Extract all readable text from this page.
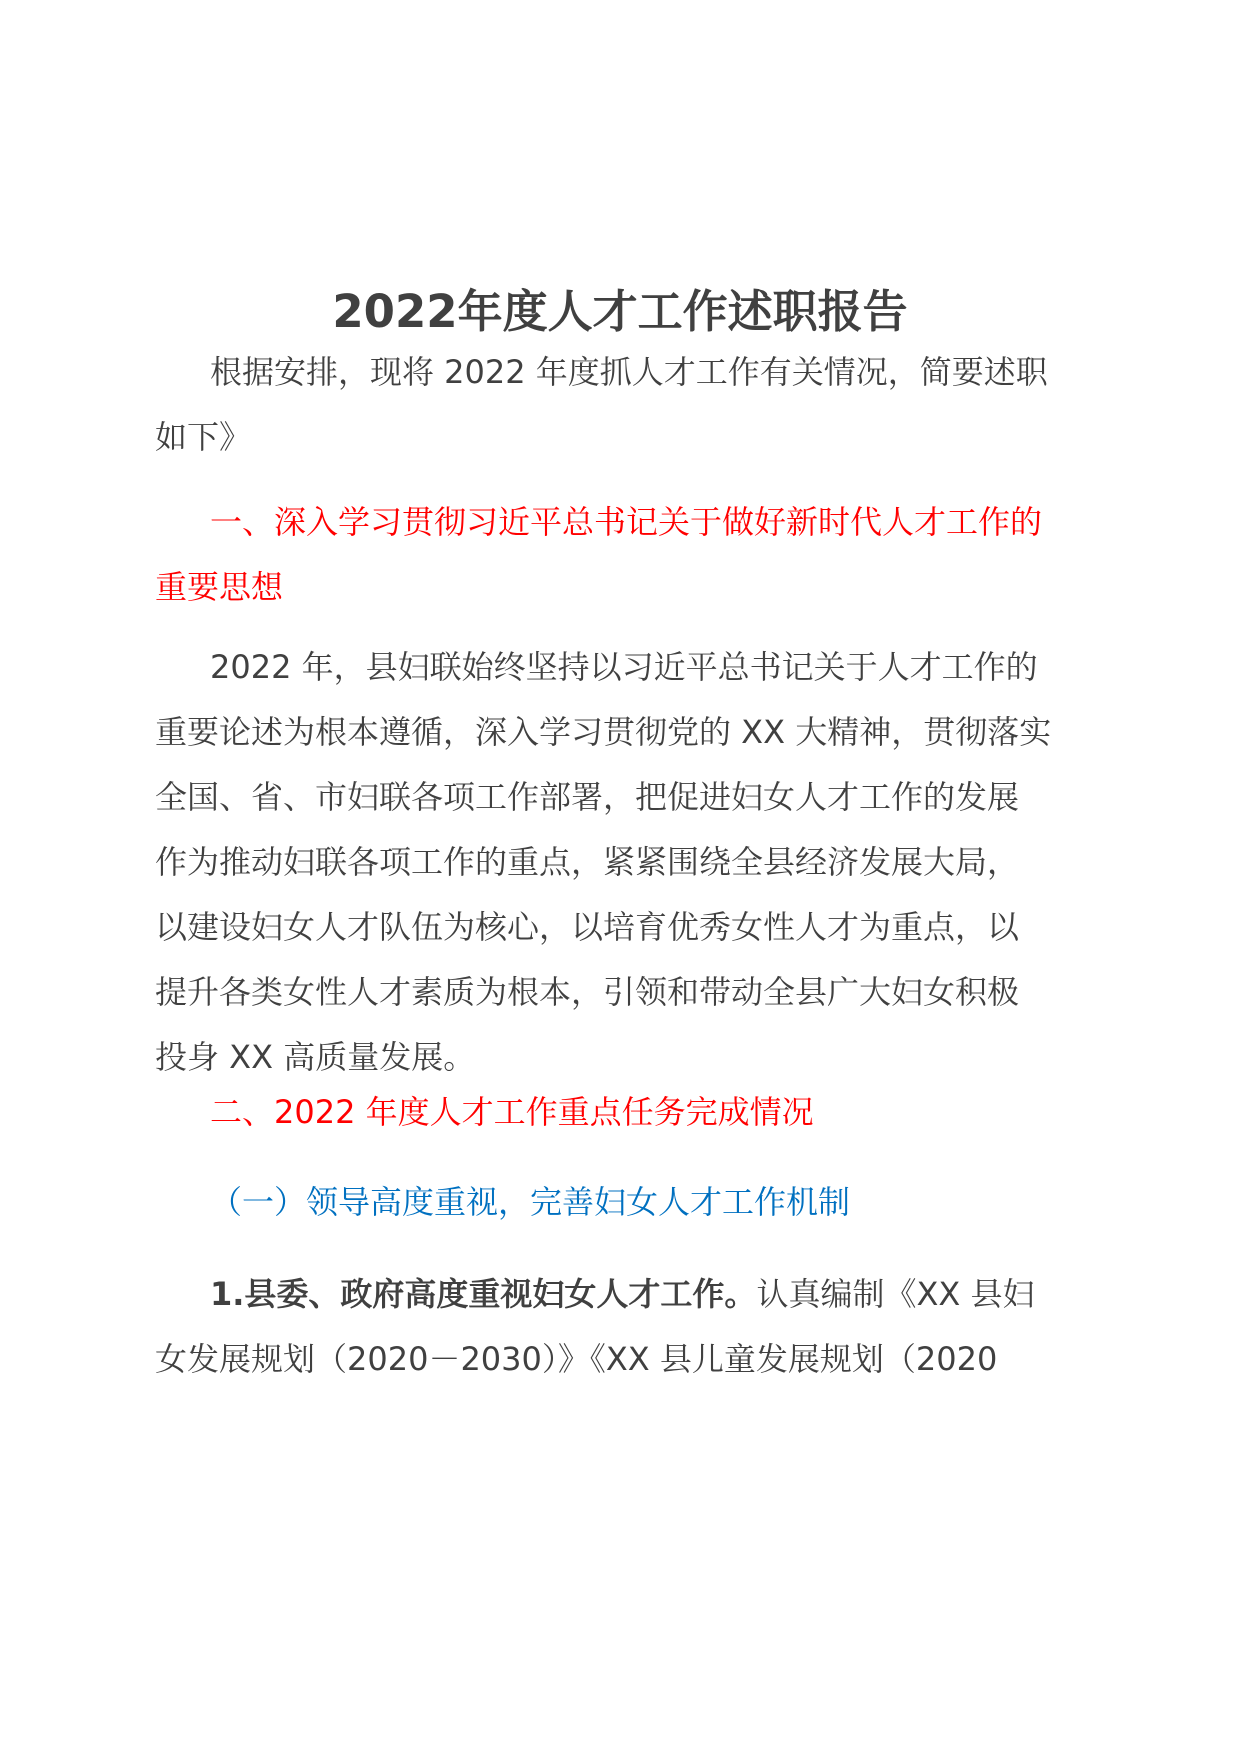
2022年度人才工作述职报告

根据安排，现将 2022 年度抓人才工作有关情况，简要述职
如下》

一、深入学习贯彻习近平总书记关于做好新时代人才工作的
重要思想

2022 年，县妇联始终坚持以习近平总书记关于人才工作的
重要论述为根本遵循，深入学习贯彻党的 XX 大精神，贯彻落实
全国、省、市妇联各项工作部署，把促进妇女人才工作的发展
作为推动妇联各项工作的重点，紧紧围绕全县经济发展大局，
以建设妇女人才队伍为核心，以培育优秀女性人才为重点，以
提升各类女性人才素质为根本，引领和带动全县广大妇女积极
投身 XX 高质量发展。

二、2022 年度人才工作重点任务完成情况

（一）领导高度重视，完善妇女人才工作机制

1.县委、政府高度重视妇女人才工作。认真编制《XX 县妇
女发展规划（2020－2030）》《XX 县儿童发展规划（2020
